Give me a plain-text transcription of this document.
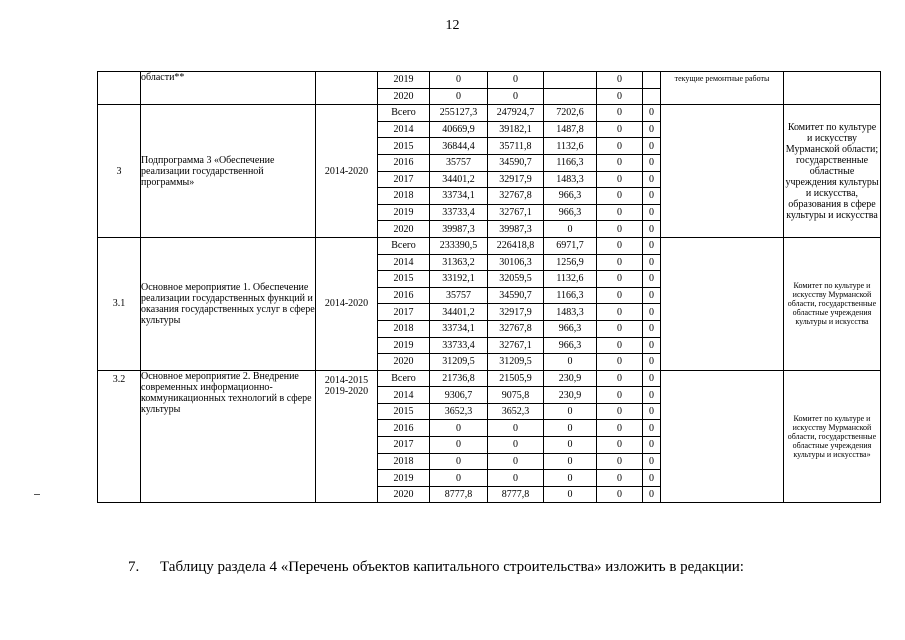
12
	области**		2019	0	0		0		текущие ремонтные работы	
			2020	0	0		0			
3	Подпрограмма 3 «Обеспечение реализации государственной программы»	2014-2020	Всего	255127,3	247924,7	7202,6	0	0		Комитет по культуре и искусству Мурманской области; государственные областные учреждения культуры и искусства, образования в сфере культуры и искусства
			2014	40669,9	39182,1	1487,8	0	0		
			2015	36844,4	35711,8	1132,6	0	0		
			2016	35757	34590,7	1166,3	0	0		
			2017	34401,2	32917,9	1483,3	0	0		
			2018	33734,1	32767,8	966,3	0	0		
			2019	33733,4	32767,1	966,3	0	0		
			2020	39987,3	39987,3	0	0	0		
3.1	Основное мероприятие 1. Обеспечение реализации государственных функций и оказания государственных услуг в сфере культуры	2014-2020	Всего	233390,5	226418,8	6971,7	0	0		Комитет по культуре и искусству Мурманской области, государственные областные учреждения культуры и искусства
			2014	31363,2	30106,3	1256,9	0	0		
			2015	33192,1	32059,5	1132,6	0	0		
			2016	35757	34590,7	1166,3	0	0		
			2017	34401,2	32917,9	1483,3	0	0		
			2018	33734,1	32767,8	966,3	0	0		
			2019	33733,4	32767,1	966,3	0	0		
			2020	31209,5	31209,5	0	0	0		
3.2	Основное мероприятие 2. Внедрение современных информационно-коммуникационных технологий в сфере культуры	2014-2015 2019-2020	Всего	21736,8	21505,9	230,9	0	0		Комитет по культуре и искусству Мурманской области, государственные областные учреждения культуры и искусства»
			2014	9306,7	9075,8	230,9	0	0		
			2015	3652,3	3652,3	0	0	0		
			2016	0	0	0	0	0		
			2017	0	0	0	0	0		
			2018	0	0	0	0	0		
			2019	0	0	0	0	0		
			2020	8777,8	8777,8	0	0	0		
7. Таблицу раздела 4 «Перечень объектов капитального строительства» изложить в редакции:
